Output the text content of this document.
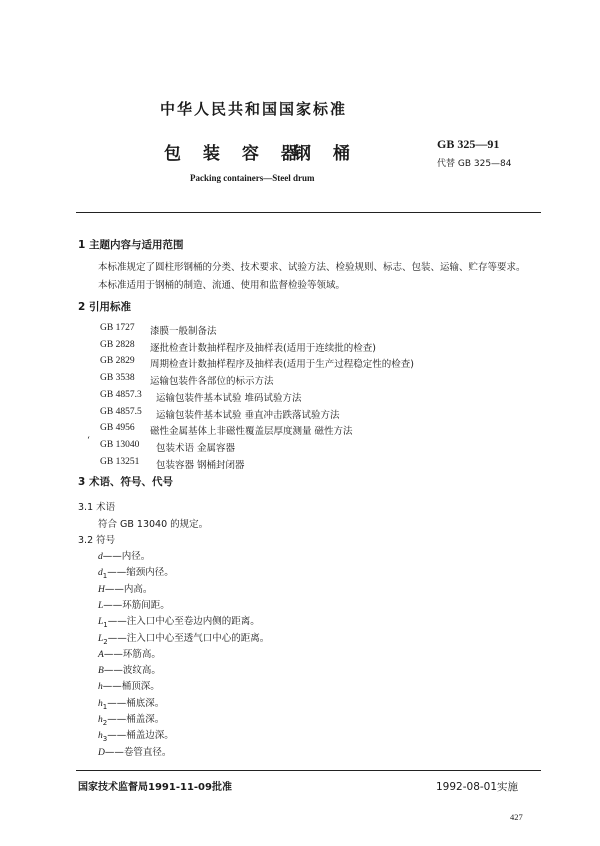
中华人民共和国国家标准
包 装 容 器
钢 桶	GB 325—91
代替 GB 325—84
Packing containers—Steel drum
1 主题内容与适用范围
本标准规定了圆柱形钢桶的分类、技术要求、试验方法、检验规则、标志、包装、运输、贮存等要求。
本标准适用于钢桶的制造、流通、使用和监督检验等领域。
2 引用标准
GB 1727 漆膜一般制备法
GB 2828 逐批检查计数抽样程序及抽样表(适用于连续批的检查)
GB 2829 周期检查计数抽样程序及抽样表(适用于生产过程稳定性的检查)
GB 3538 运输包装件各部位的标示方法
GB 4857.3 运输包装件基本试验 堆码试验方法
GB 4857.5 运输包装件基本试验 垂直冲击跌落试验方法
GB 4956 磁性金属基体上非磁性覆盖层厚度测量 磁性方法
GB 13040 包装术语 金属容器
GB 13251 包装容器 钢桶封闭器
‘
3 术语、符号、代号
3.1 术语
符合 GB 13040 的规定。
3.2 符号
d——内径。
$d_1——$缩颈内径。
H——内高。
L——环筋间距。
$L_1——$注入口中心至卷边内侧的距离。
$L_2——$注入口中心至透气口中心的距离。
A——环筋高。
B——波纹高。
h——桶顶深。
$h_1——$桶底深。
$h_2——$桶盖深。
$h_3——$桶盖边深。
D——卷管直径。
国家技术监督局1991-11-09批准	1992-08-01实施
427
